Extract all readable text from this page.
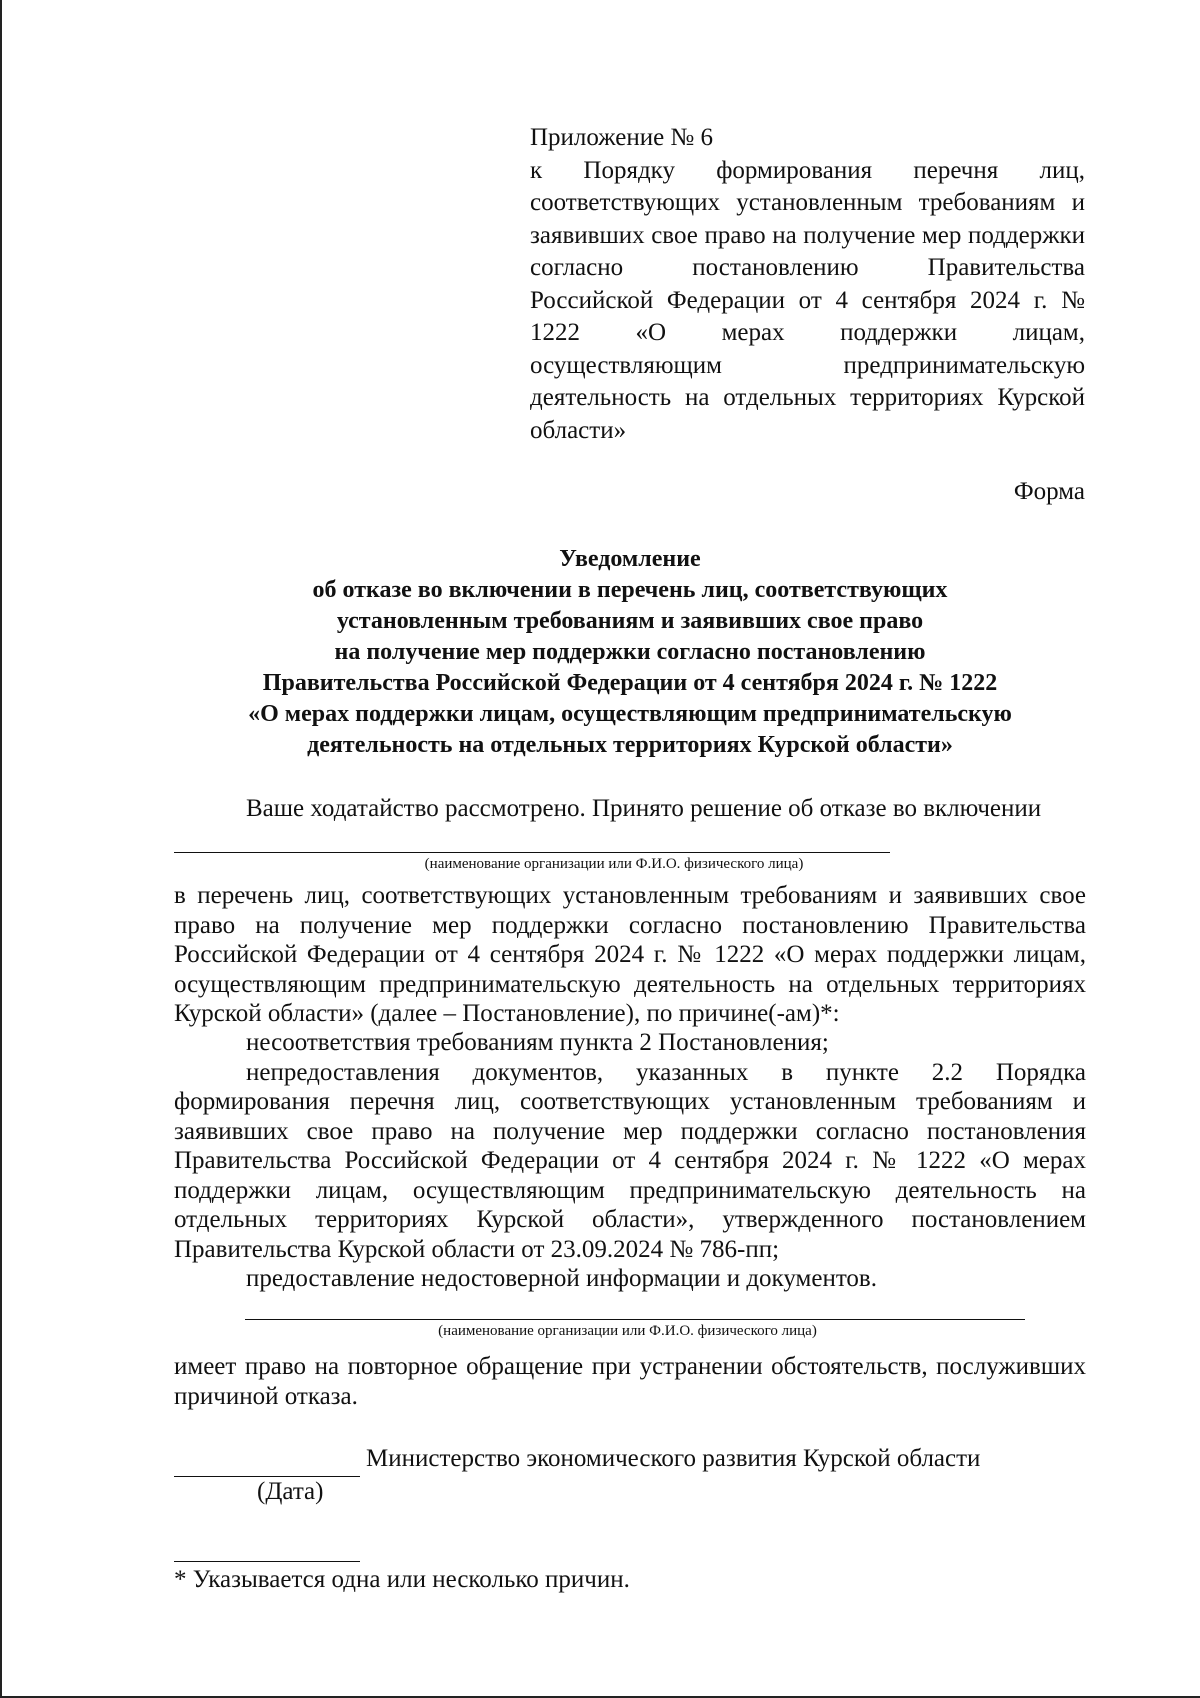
Приложение № 6
к Порядку формирования перечня лиц, соответствующих установленным требованиям и заявивших свое право на получение мер поддержки согласно постановлению Правительства Российской Федерации от 4 сентября 2024 г. № 1222 «О мерах поддержки лицам, осуществляющим предпринимательскую деятельность на отдельных территориях Курской области»
Форма
Уведомление
об отказе во включении в перечень лиц, соответствующих
установленным требованиям и заявивших свое право
на получение мер поддержки согласно постановлению
Правительства Российской Федерации от 4 сентября 2024 г. № 1222
«О мерах поддержки лицам, осуществляющим предпринимательскую
деятельность на отдельных территориях Курской области»
Ваше ходатайство рассмотрено. Принято решение об отказе во включении
(наименование организации или Ф.И.О. физического лица)
в перечень лиц, соответствующих установленным требованиям и заявивших свое право на получение мер поддержки согласно постановлению Правительства Российской Федерации от 4 сентября 2024 г. № 1222 «О мерах поддержки лицам, осуществляющим предпринимательскую деятельность на отдельных территориях Курской области» (далее – Постановление), по причине(-ам)*:
несоответствия требованиям пункта 2 Постановления;
непредоставления документов, указанных в пункте 2.2 Порядка формирования перечня лиц, соответствующих установленным требованиям и заявивших свое право на получение мер поддержки согласно постановления Правительства Российской Федерации от 4 сентября 2024 г. № 1222 «О мерах поддержки лицам, осуществляющим предпринимательскую деятельность на отдельных территориях Курской области», утвержденного постановлением Правительства Курской области от 23.09.2024 № 786-пп;
предоставление недостоверной информации и документов.
(наименование организации или Ф.И.О. физического лица)
имеет право на повторное обращение при устранении обстоятельств, послуживших причиной отказа.
Министерство экономического развития Курской области
(Дата)
* Указывается одна или несколько причин.
